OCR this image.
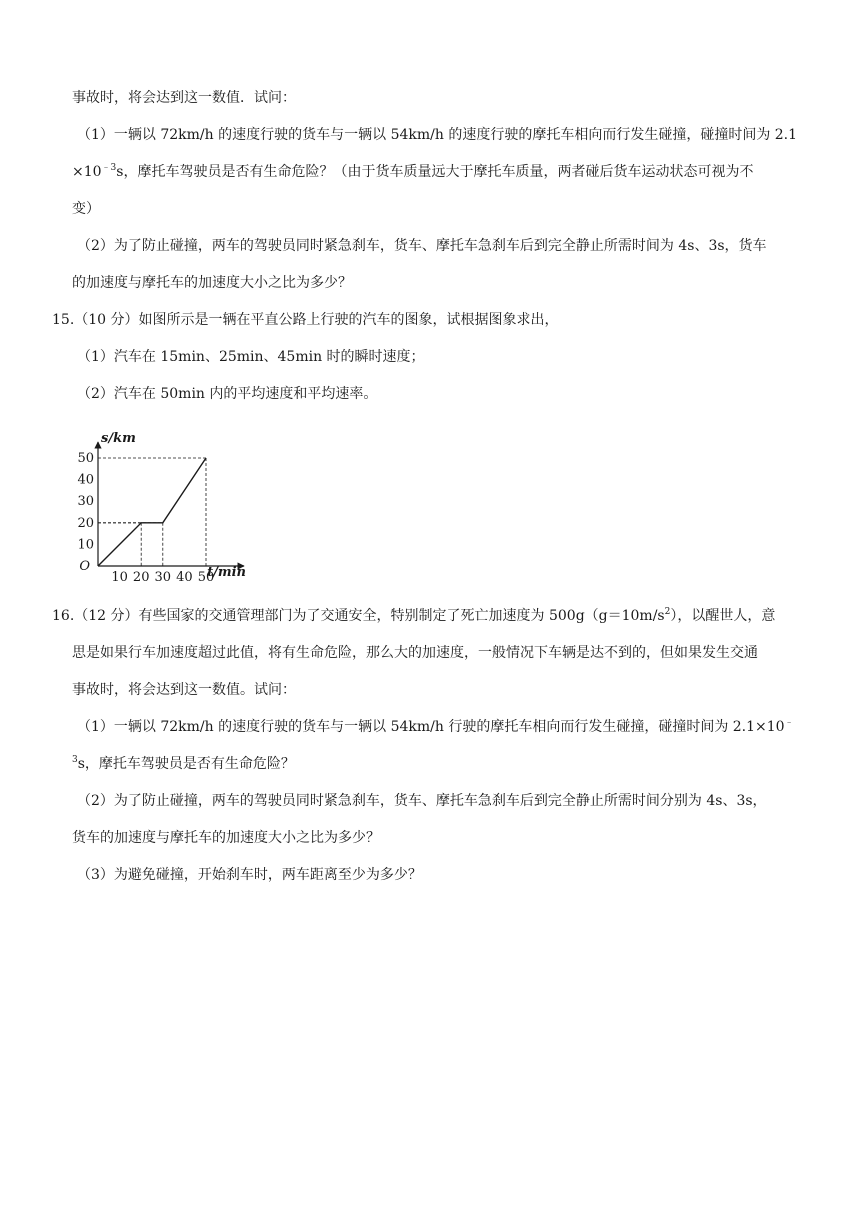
事故时，将会达到这一数值．试问：
（1）一辆以 72km/h 的速度行驶的货车与一辆以 54km/h 的速度行驶的摩托车相向而行发生碰撞，碰撞时间为 2.1
$\times 10^{﹣3}s$，摩托车驾驶员是否有生命危险？（由于货车质量远大于摩托车质量，两者碰后货车运动状态可视为不
变）
（2）为了防止碰撞，两车的驾驶员同时紧急刹车，货车、摩托车急刹车后到完全静止所需时间为 4s、3s，货车
的加速度与摩托车的加速度大小之比为多少？
15.（10 分）如图所示是一辆在平直公路上行驶的汽车的图象，试根据图象求出，
（1）汽车在 15min、25min、45min 时的瞬时速度；
（2）汽车在 50min 内的平均速度和平均速率。
10 20 30 40 50
10
20
30
40
50
O	t/min
s/km
16.（12 分）有些国家的交通管理部门为了交通安全，特别制定了死亡加速度为 $500g(g=10m/s^2)$，以醒世人，意
思是如果行车加速度超过此值，将有生命危险，那么大的加速度，一般情况下车辆是达不到的，但如果发生交通
事故时，将会达到这一数值。试问：
（1）一辆以 72km/h 的速度行驶的货车与一辆以 54km/h 行驶的摩托车相向而行发生碰撞，碰撞时间为 2.1×10﹣
$^3$s，摩托车驾驶员是否有生命危险？
（2）为了防止碰撞，两车的驾驶员同时紧急刹车，货车、摩托车急刹车后到完全静止所需时间分别为 4s、3s，
货车的加速度与摩托车的加速度大小之比为多少？
（3）为避免碰撞，开始刹车时，两车距离至少为多少？
